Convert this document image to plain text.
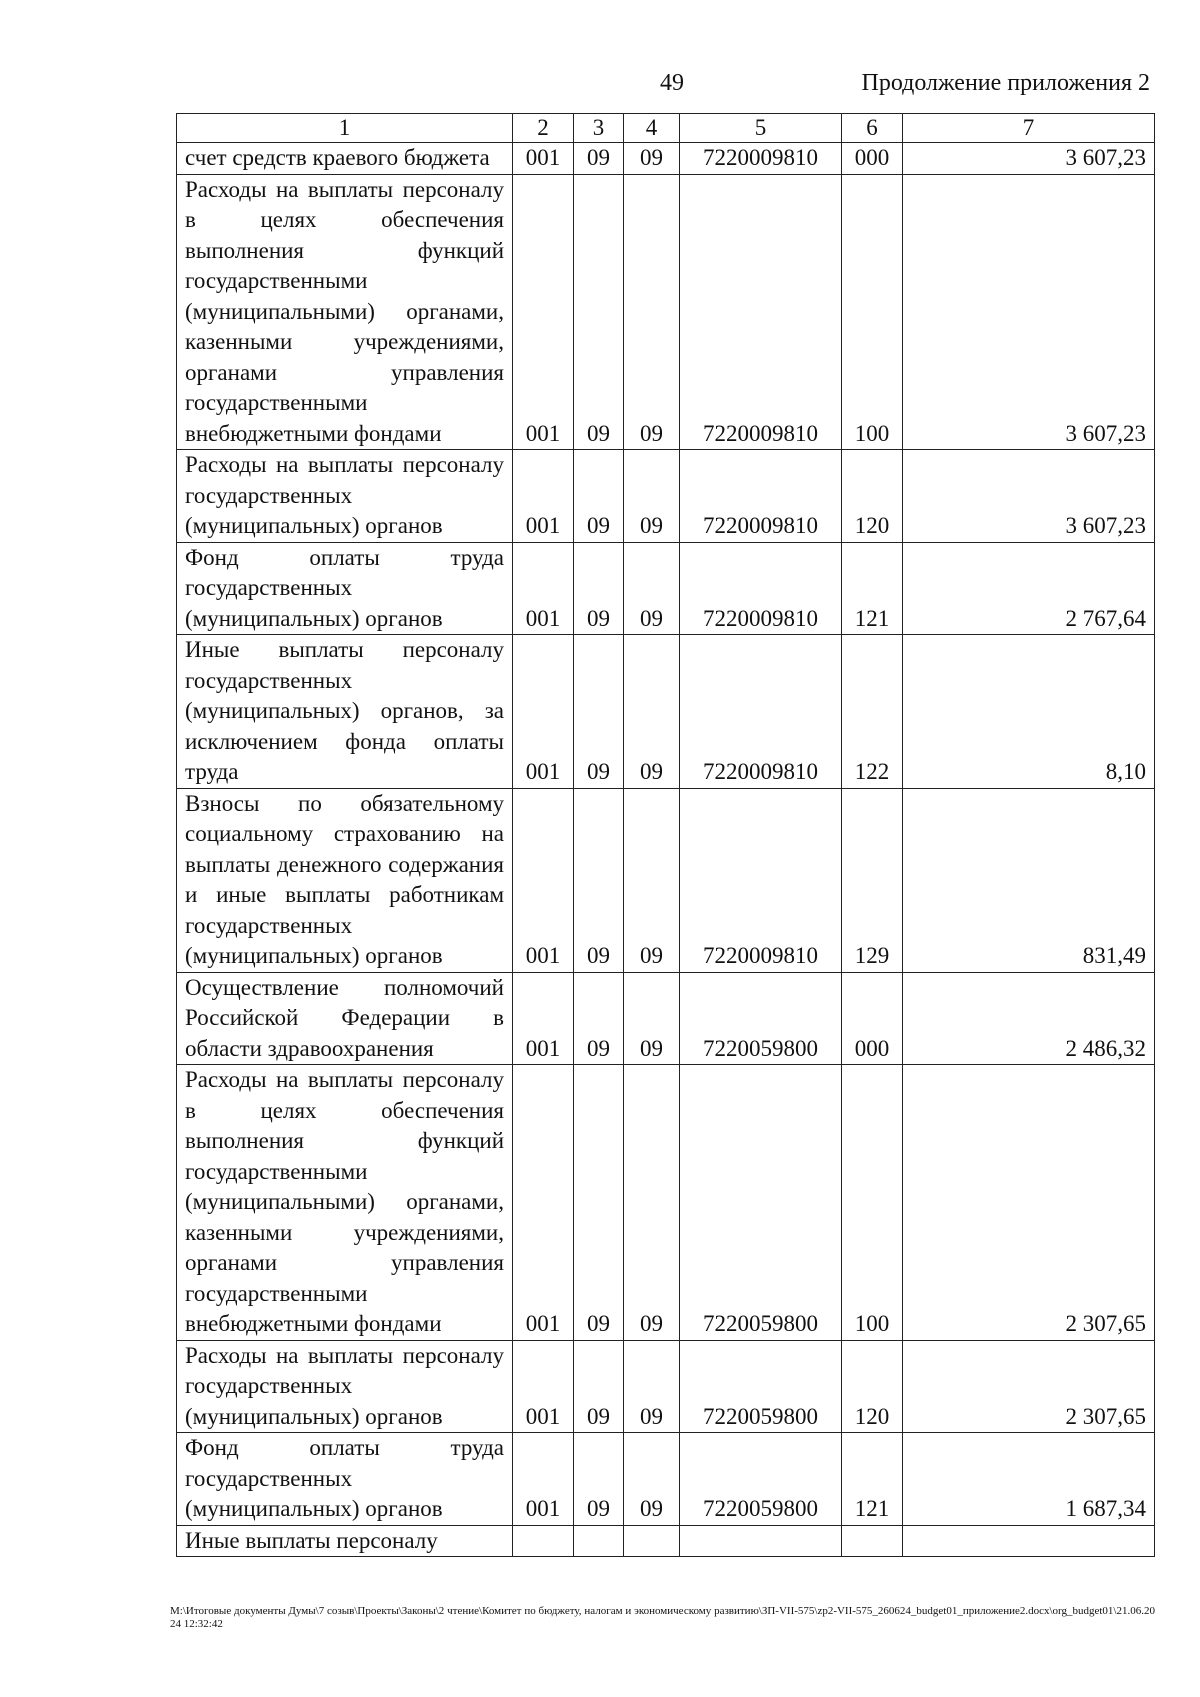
49	Продолжение приложения 2
1	2	3	4	5	6	7
счет средств краевого бюджета	001	09	09	7220009810	000	3 607,23
Расходы на выплаты персоналу в целях обеспечения выполнения функций государственными (муниципальными) органами, казенными учреждениями, органами управления государственными внебюджетными фондами	001	09	09	7220009810	100	3 607,23
Расходы на выплаты персоналу государственных (муниципальных) органов	001	09	09	7220009810	120	3 607,23
Фонд оплаты труда государственных (муниципальных) органов	001	09	09	7220009810	121	2 767,64
Иные выплаты персоналу государственных (муниципальных) органов, за исключением фонда оплаты труда	001	09	09	7220009810	122	8,10
Взносы по обязательному социальному страхованию на выплаты денежного содержания и иные выплаты работникам государственных (муниципальных) органов	001	09	09	7220009810	129	831,49
Осуществление полномочий Российской Федерации в области здравоохранения	001	09	09	7220059800	000	2 486,32
Расходы на выплаты персоналу в целях обеспечения выполнения функций государственными (муниципальными) органами, казенными учреждениями, органами управления государственными внебюджетными фондами	001	09	09	7220059800	100	2 307,65
Расходы на выплаты персоналу государственных (муниципальных) органов	001	09	09	7220059800	120	2 307,65
Фонд оплаты труда государственных (муниципальных) органов	001	09	09	7220059800	121	1 687,34
Иные выплаты персоналу						
M:\Итоговые документы Думы\7 созыв\Проекты\Законы\2 чтение\Комитет по бюджету, налогам и экономическому развитию\ЗП-VII-575\zp2-VII-575_260624_budget01_приложение2.docx\org_budget01\21.06.2024 12:32:42
